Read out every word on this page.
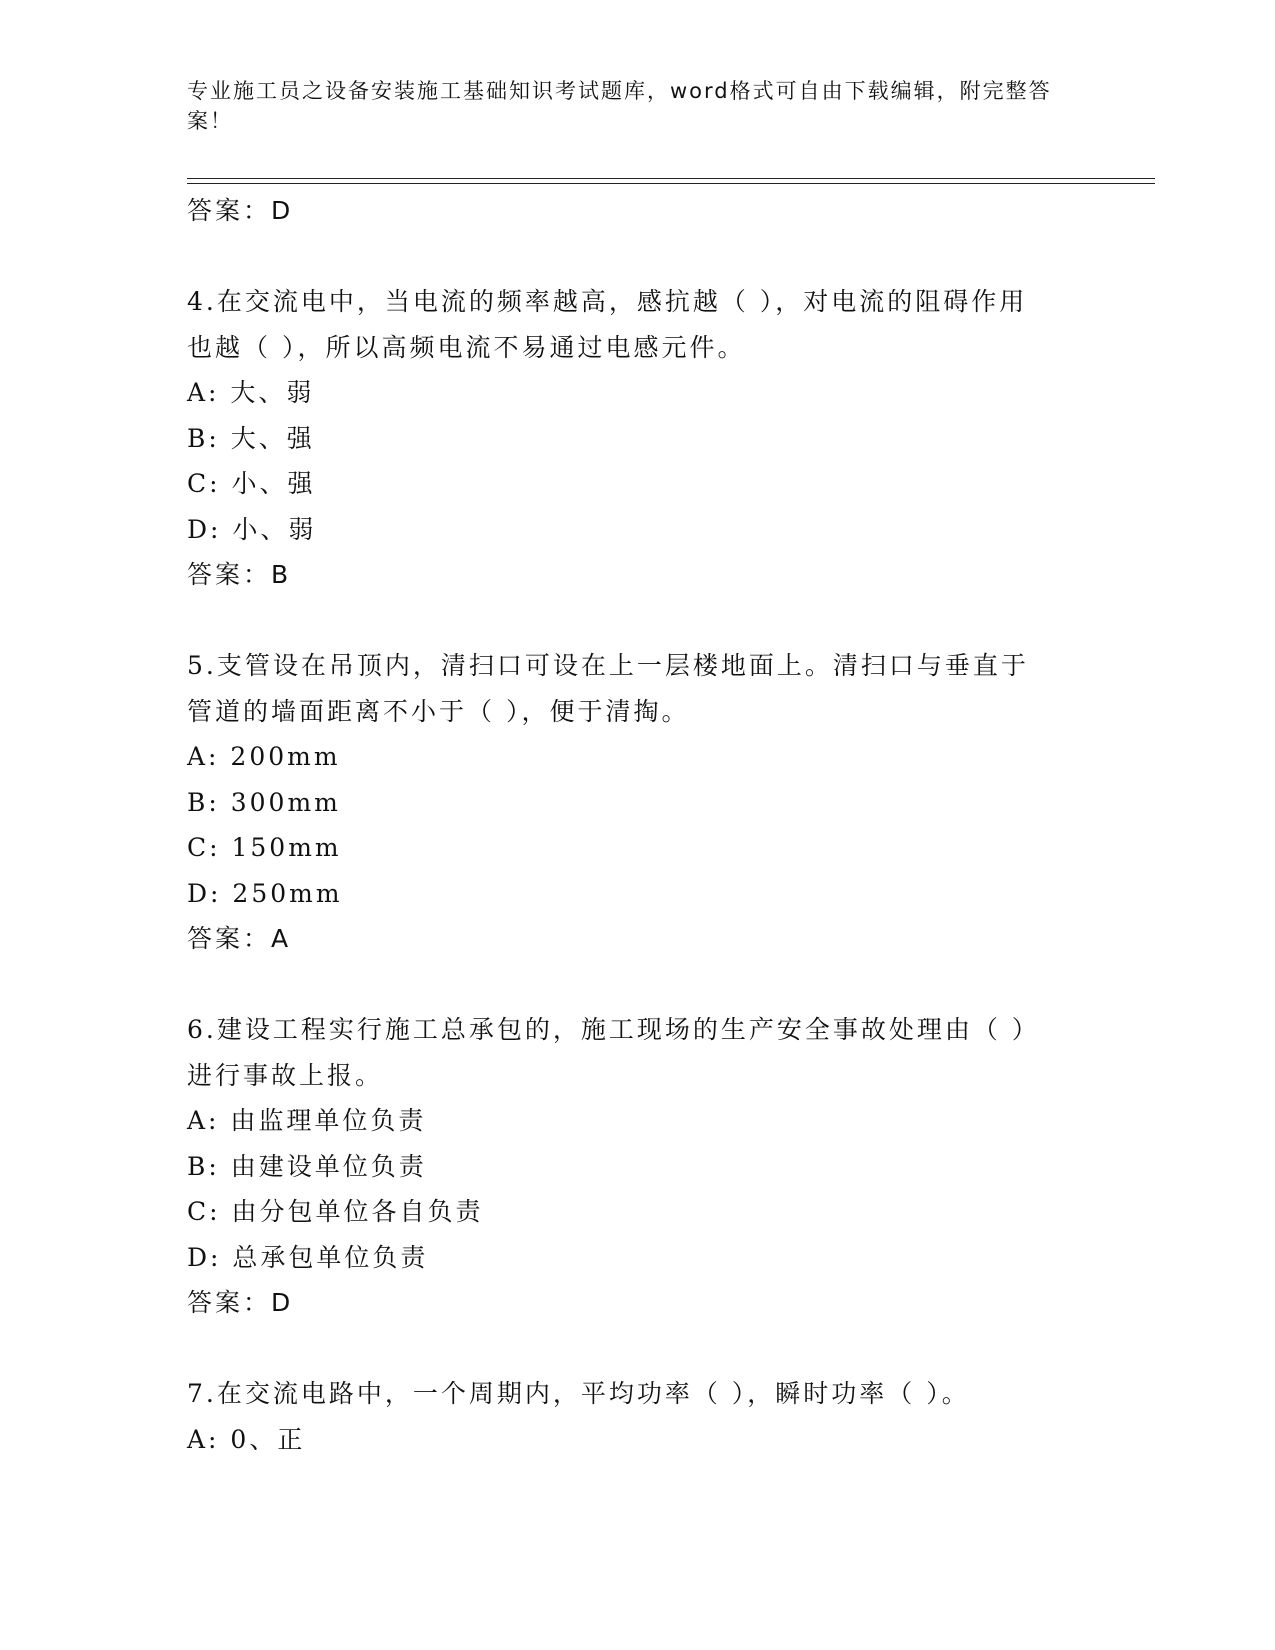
专业施工员之设备安装施工基础知识考试题库，word格式可自由下载编辑，附完整答案！
答案：D
4.在交流电中，当电流的频率越高，感抗越（ ），对电流的阻碍作用
也越（ ），所以高频电流不易通过电感元件。
A: 大、弱
B: 大、强
C: 小、强
D: 小、弱
答案：B
5.支管设在吊顶内，清扫口可设在上一层楼地面上。清扫口与垂直于
管道的墙面距离不小于（ ），便于清掏。
A: 200mm
B: 300mm
C: 150mm
D: 250mm
答案：A
6.建设工程实行施工总承包的，施工现场的生产安全事故处理由（ ）
进行事故上报。
A: 由监理单位负责
B: 由建设单位负责
C: 由分包单位各自负责
D: 总承包单位负责
答案：D
7.在交流电路中，一个周期内，平均功率（ ），瞬时功率（ ）。
A: 0、正
